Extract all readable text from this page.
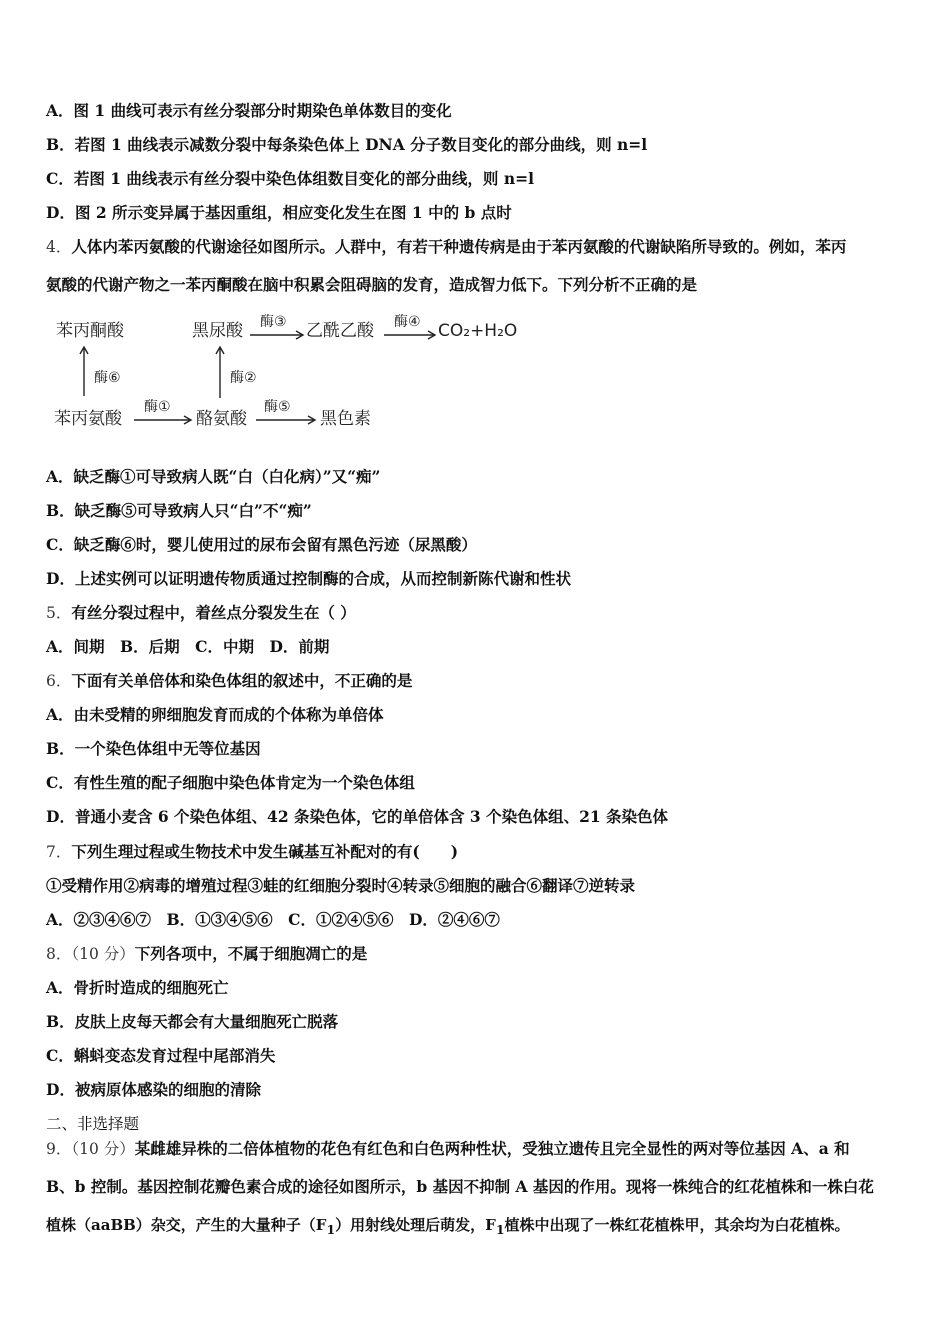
A．图 1 曲线可表示有丝分裂部分时期染色单体数目的变化
B．若图 1 曲线表示减数分裂中每条染色体上 DNA 分子数目变化的部分曲线，则 n=l
C．若图 1 曲线表示有丝分裂中染色体组数目变化的部分曲线，则 n=l
D．图 2 所示变异属于基因重组，相应变化发生在图 1 中的 b 点时
4．人体内苯丙氨酸的代谢途径如图所示。人群中，有若干种遗传病是由于苯丙氨酸的代谢缺陷所导致的。例如，苯丙
氨酸的代谢产物之一苯丙酮酸在脑中积累会阻碍脑的发育，造成智力低下。下列分析不正确的是
苯丙酮酸	黑尿酸 酶③ 乙酰乙酸 酶④ CO₂+H₂O
酶⑥	酶②
苯丙氨酸
酶①
酪氨酸
酶⑤
黑色素
A．缺乏酶①可导致病人既“白（白化病）”又“痴”
B．缺乏酶⑤可导致病人只“白”不“痴”
C．缺乏酶⑥时，婴儿使用过的尿布会留有黑色污迹（尿黑酸）
D．上述实例可以证明遗传物质通过控制酶的合成，从而控制新陈代谢和性状
5．有丝分裂过程中，着丝点分裂发生在（ ）
A．间期　B．后期　C．中期　D．前期
6．下面有关单倍体和染色体组的叙述中，不正确的是
A．由未受精的卵细胞发育而成的个体称为单倍体
B．一个染色体组中无等位基因
C．有性生殖的配子细胞中染色体肯定为一个染色体组
D．普通小麦含 6 个染色体组、42 条染色体，它的单倍体含 3 个染色体组、21 条染色体
7．下列生理过程或生物技术中发生碱基互补配对的有(　　)
①受精作用②病毒的增殖过程③蛙的红细胞分裂时④转录⑤细胞的融合⑥翻译⑦逆转录
A．②③④⑥⑦　B．①③④⑤⑥　C．①②④⑤⑥　D．②④⑥⑦
8．（10 分）下列各项中，不属于细胞凋亡的是
A．骨折时造成的细胞死亡
B．皮肤上皮每天都会有大量细胞死亡脱落
C．蝌蚪变态发育过程中尾部消失
D．被病原体感染的细胞的清除
二、非选择题
9．（10 分）某雌雄异株的二倍体植物的花色有红色和白色两种性状，受独立遗传且完全显性的两对等位基因 A、a 和
B、b 控制。基因控制花瓣色素合成的途径如图所示，b 基因不抑制 A 基因的作用。现将一株纯合的红花植株和一株白花
植株（aaBB）杂交，产生的大量种子$(F_1)$用射线处理后萌发，$F_1$植株中出现了一株红花植株甲，其余均为白花植株。
